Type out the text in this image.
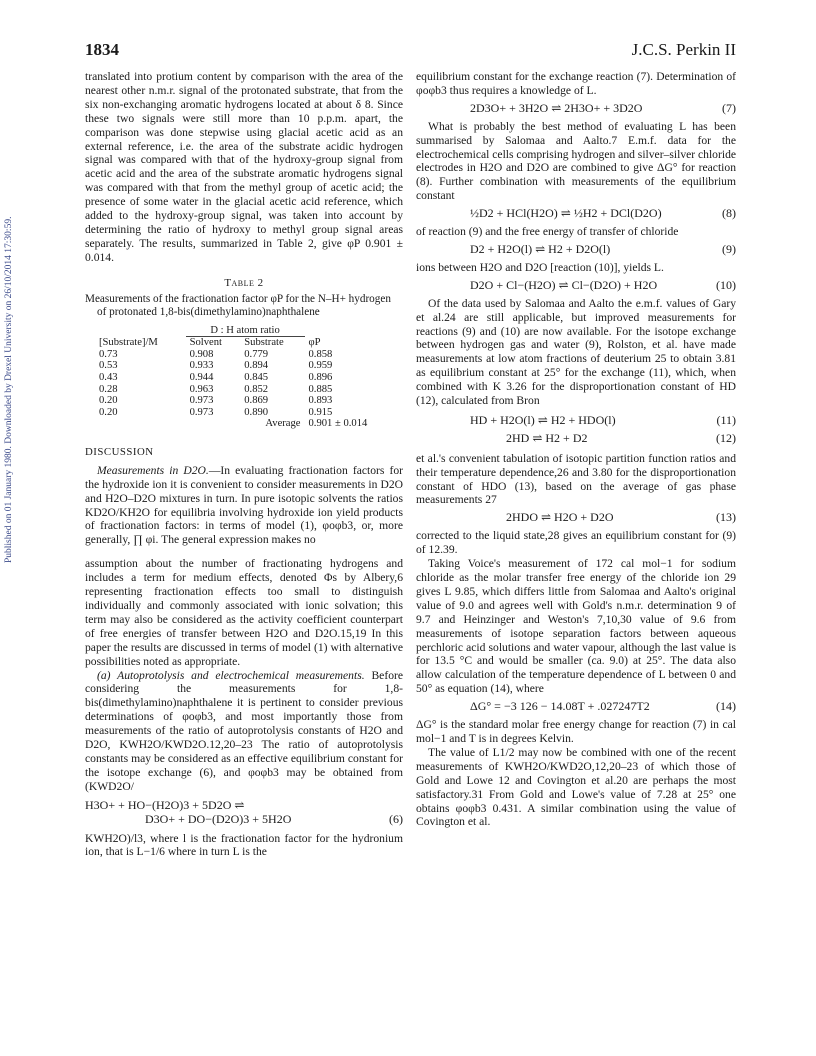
Published on 01 January 1980. Downloaded by Drexel University on 26/10/2014 17:30:59.
1834	J.C.S. Perkin II

translated into protium content by comparison with the area of the nearest other n.m.r. signal of the protonated substrate, that from the six non-exchanging aromatic hydrogens located at about δ 8. Since these two signals were still more than 10 p.p.m. apart, the comparison was done stepwise using glacial acetic acid as an external reference, i.e. the area of the substrate acidic hydrogen signal was compared with that of the hydroxy-group signal from acetic acid and the area of the substrate aromatic hydrogens signal was compared with that from the methyl group of acetic acid; the presence of some water in the glacial acetic acid reference, which added to the hydroxy-group signal, was taken into account by determining the ratio of hydroxy to methyl group signal areas separately. The results, summarized in Table 2, give φP 0.901 ± 0.014.

Table 2
Measurements of the fractionation factor φP for the N–H+ hydrogen of protonated 1,8-bis(dimethylamino)naphthalene
	D : H atom ratio		
[Substrate]/M	Solvent	Substrate	φP
0.73	0.908	0.779	0.858
0.53	0.933	0.894	0.959
0.43	0.944	0.845	0.896
0.28	0.963	0.852	0.885
0.20	0.973	0.869	0.893
0.20	0.973	0.890	0.915
		Average	0.901 ± 0.014
DISCUSSION

Measurements in D2O.—In evaluating fractionation factors for the hydroxide ion it is convenient to consider measurements in D2O and H2O–D2O mixtures in turn. In pure isotopic solvents the ratios KD2O/KH2O for equilibria involving hydroxide ion yield products of fractionation factors: in terms of model (1), φoφb3, or, more generally, ∏ φi. The general expression makes no

assumption about the number of fractionating hydrogens and includes a term for medium effects, denoted Φs by Albery,6 representing fractionation effects too small to distinguish individually and commonly associated with ionic solvation; this term may also be considered as the activity coefficient counterpart of free energies of transfer between H2O and D2O.15,19 In this paper the results are discussed in terms of model (1) with alternative possibilities noted as appropriate.

(a) Autoprotolysis and electrochemical measurements. Before considering the measurements for 1,8-bis(dimethylamino)naphthalene it is pertinent to consider previous determinations of φoφb3, and most importantly those from measurements of the ratio of autoprotolysis constants of H2O and D2O, KWH2O/KWD2O.12,20–23 The ratio of autoprotolysis constants may be considered as an effective equilibrium constant for the isotope exchange (6), and φoφb3 may be obtained from (KWD2O/

H3O+ + HO−(H2O)3 + 5D2O ⇌
D3O+ + DO−(D2O)3 + 5H2O	(6)

KWH2O)/l3, where l is the fractionation factor for the hydronium ion, that is L−1/6 where in turn L is the

equilibrium constant for the exchange reaction (7). Determination of φoφb3 thus requires a knowledge of L.

2D3O+ + 3H2O ⇌ 2H3O+ + 3D2O	(7)

What is probably the best method of evaluating L has been summarised by Salomaa and Aalto.7 E.m.f. data for the electrochemical cells comprising hydrogen and silver–silver chloride electrodes in H2O and D2O are combined to give ΔG° for reaction (8). Further combination with measurements of the equilibrium constant

½D2 + HCl(H2O) ⇌ ½H2 + DCl(D2O)	(8)

of reaction (9) and the free energy of transfer of chloride

D2 + H2O(l) ⇌ H2 + D2O(l)	(9)

ions between H2O and D2O [reaction (10)], yields L.

D2O + Cl−(H2O) ⇌ Cl−(D2O) + H2O	(10)

Of the data used by Salomaa and Aalto the e.m.f. values of Gary et al.24 are still applicable, but improved measurements for reactions (9) and (10) are now available. For the isotope exchange between hydrogen gas and water (9), Rolston, et al. have made measurements at low atom fractions of deuterium 25 to obtain 3.81 as equilibrium constant at 25° for the exchange (11), which, when combined with K 3.26 for the disproportionation constant of HD (12), calculated from Bron

HD + H2O(l) ⇌ H2 + HDO(l)	(11)
2HD ⇌ H2 + D2	(12)

et al.'s convenient tabulation of isotopic partition function ratios and their temperature dependence,26 and 3.80 for the disproportionation constant of HDO (13), based on the average of gas phase measurements 27

2HDO ⇌ H2O + D2O	(13)

corrected to the liquid state,28 gives an equilibrium constant for (9) of 12.39.

Taking Voice's measurement of 172 cal mol−1 for sodium chloride as the molar transfer free energy of the chloride ion 29 gives L 9.85, which differs little from Salomaa and Aalto's original value of 9.0 and agrees well with Gold's n.m.r. determination 9 of 9.7 and Heinzinger and Weston's 7,10,30 value of 9.6 from measurements of isotope separation factors between aqueous perchloric acid solutions and water vapour, although the last value is for 13.5 °C and would be smaller (ca. 9.0) at 25°. The data also allow calculation of the temperature dependence of L between 0 and 50° as equation (14), where

ΔG° = −3 126 − 14.08T + .027247T2	(14)

ΔG° is the standard molar free energy change for reaction (7) in cal mol−1 and T is in degrees Kelvin.

The value of L1/2 may now be combined with one of the recent measurements of KWH2O/KWD2O,12,20–23 of which those of Gold and Lowe 12 and Covington et al.20 are perhaps the most satisfactory.31 From Gold and Lowe's value of 7.28 at 25° one obtains φoφb3 0.431. A similar combination using the value of Covington et al.
